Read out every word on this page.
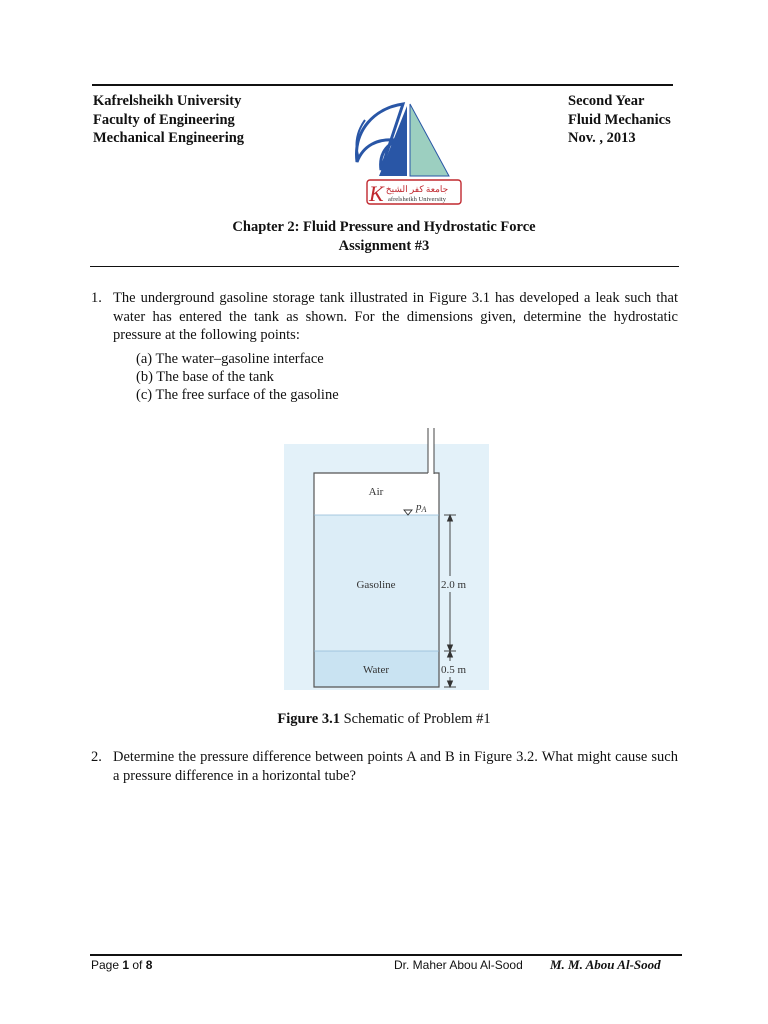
Kafrelsheikh University
Faculty of Engineering
Mechanical Engineering
Second Year
Fluid Mechanics
Nov. , 2013
K جامعة كفر الشيخ
afrelsheikh University
Chapter 2: Fluid Pressure and Hydrostatic Force
Assignment #3
1. The underground gasoline storage tank illustrated in Figure 3.1 has developed a leak such that water has entered the tank as shown. For the dimensions given, determine the hydrostatic pressure at the following points:
(a) The water–gasoline interface
(b) The base of the tank
(c) The free surface of the gasoline
Air
pA
Gasoline
Water
2.0 m
0.5 m
Figure 3.1 Schematic of Problem #1
2. Determine the pressure difference between points A and B in Figure 3.2. What might cause such a pressure difference in a horizontal tube?
Page 1 of 8	Dr. Maher Abou Al-Sood M. M. Abou Al-Sood
